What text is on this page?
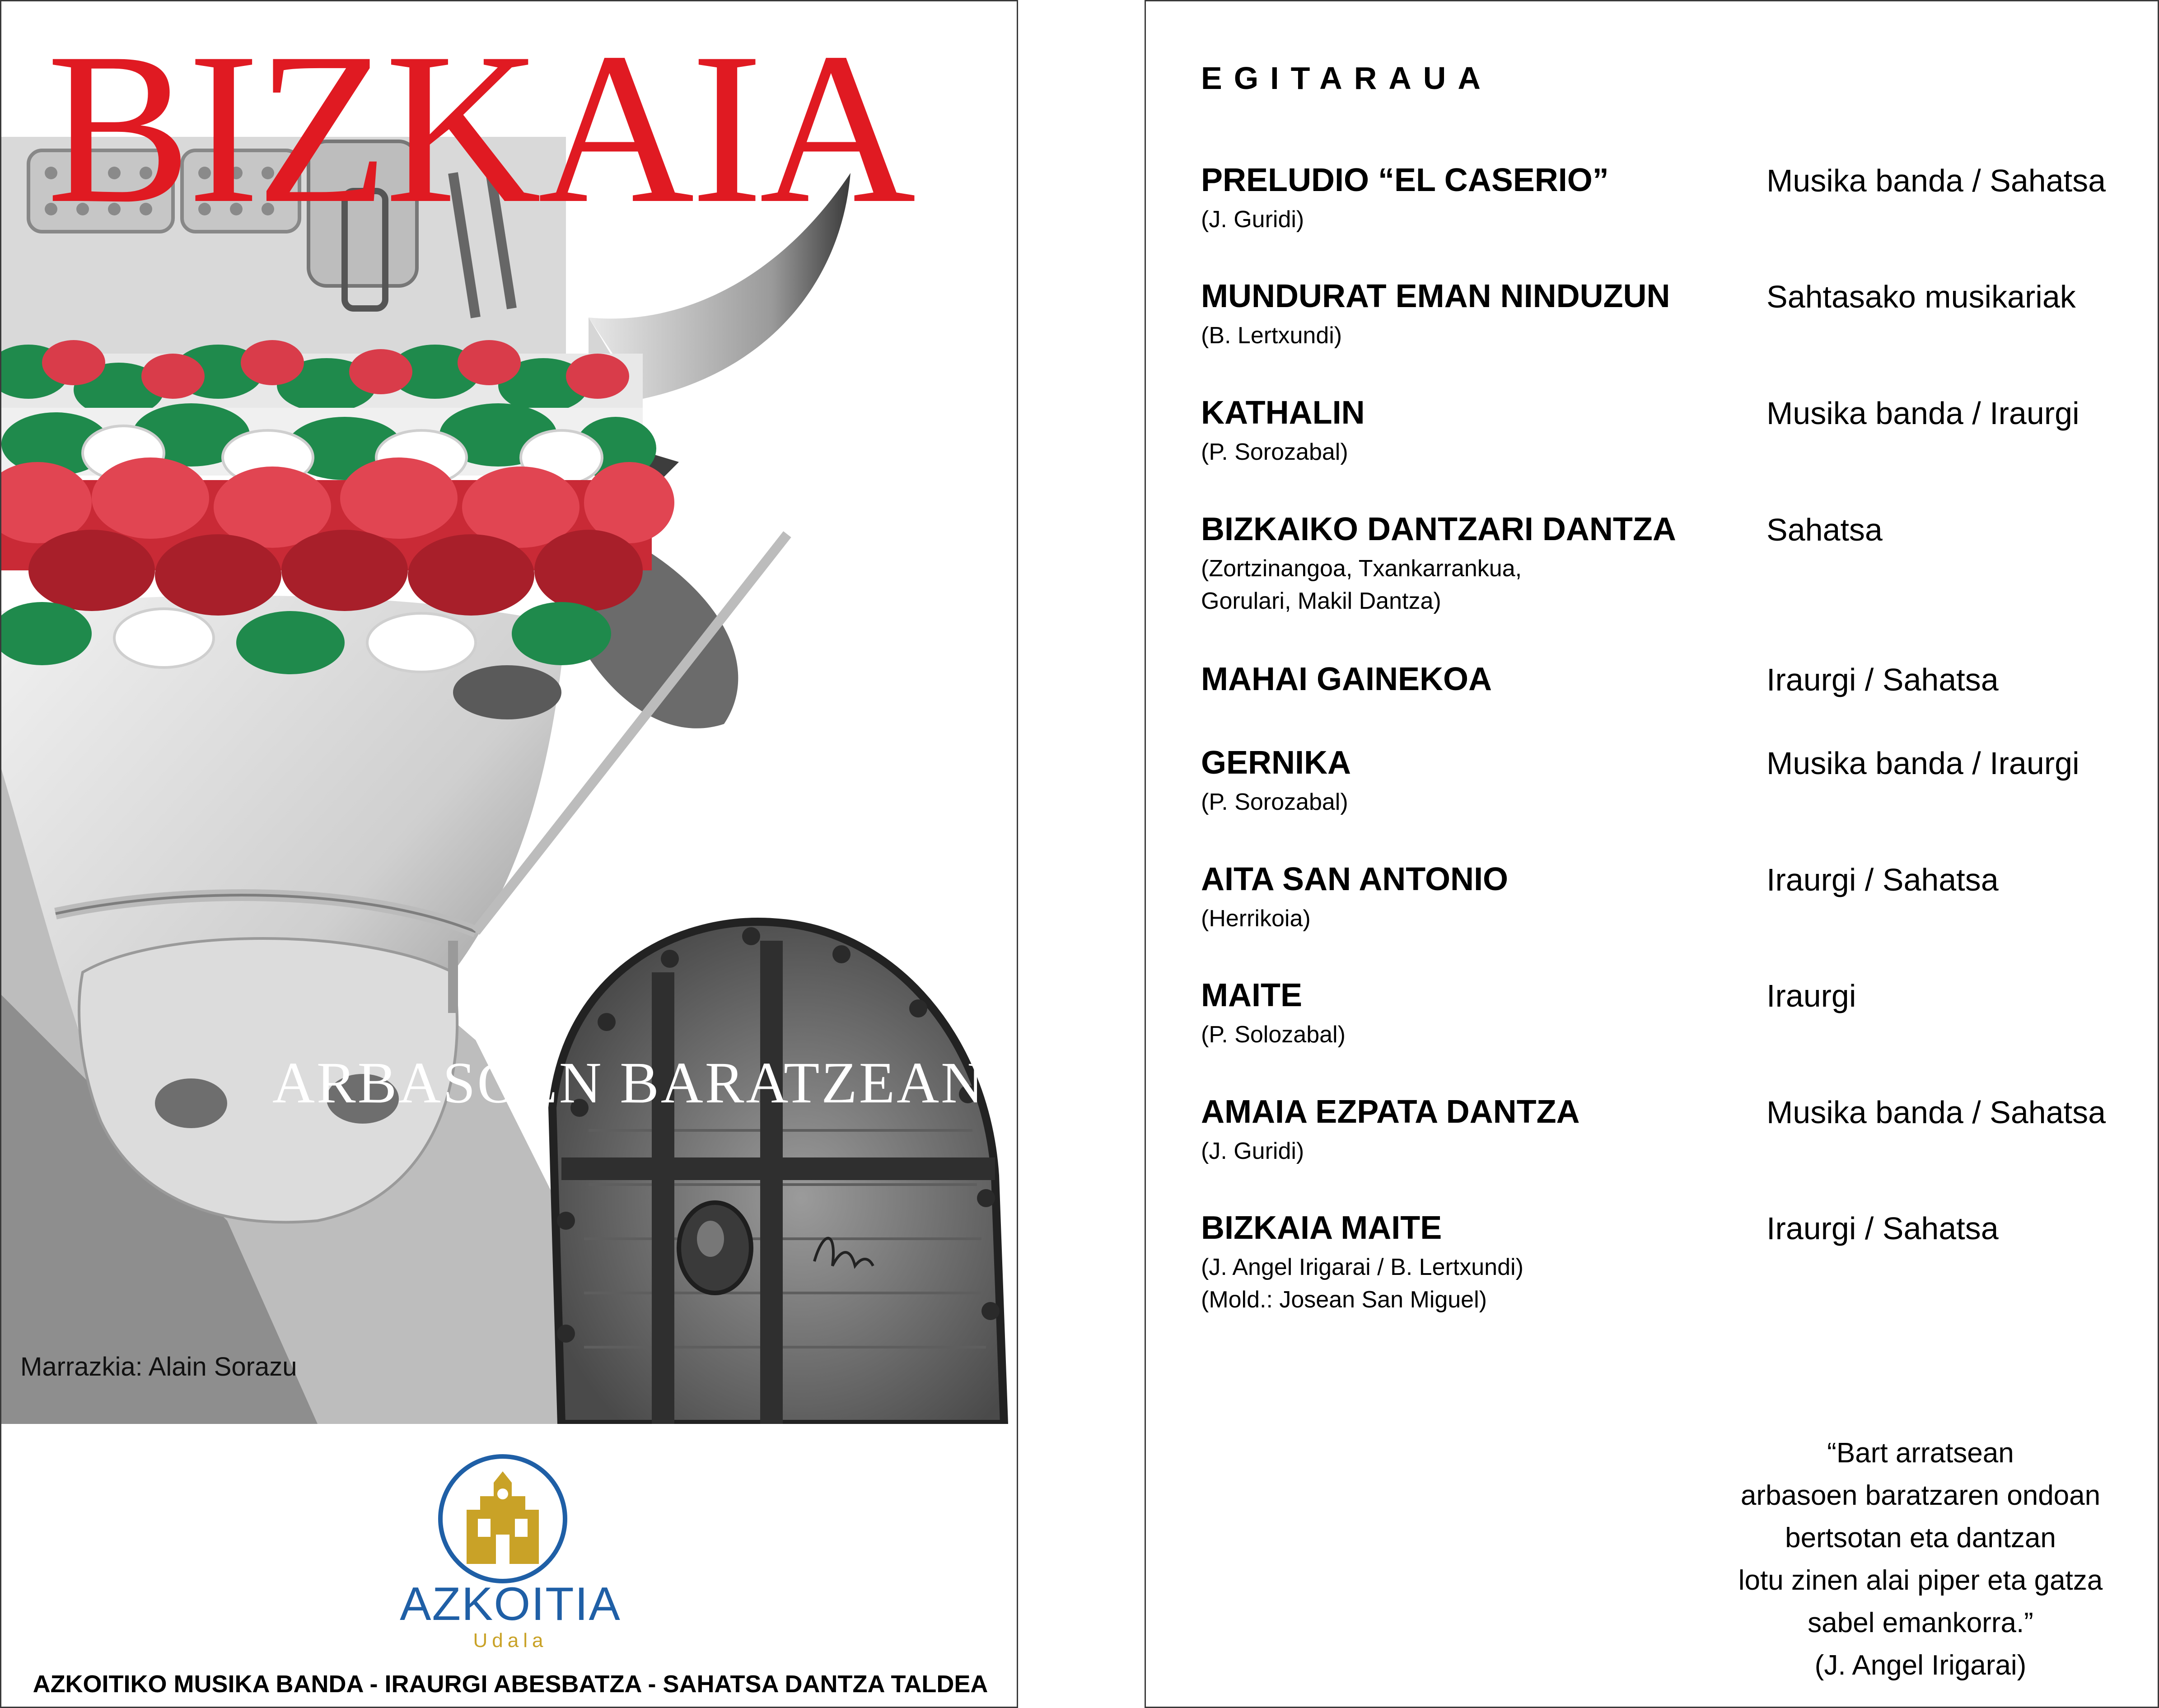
BIZKAIA
ARBASOEN BARATZEAN
Marrazkia: Alain Sorazu
AZKOITIA
Udala
AZKOITIKO MUSIKA BANDA - IRAURGI ABESBATZA - SAHATSA DANTZA TALDEA
EGITARAUA
PRELUDIO “EL CASERIO”	Musika banda / Sahatsa
(J. Guridi)
MUNDURAT EMAN NINDUZUN	Sahtasako musikariak
(B. Lertxundi)
KATHALIN	Musika banda / Iraurgi
(P. Sorozabal)
BIZKAIKO DANTZARI DANTZA	Sahatsa
(Zortzinangoa, Txankarrankua,
Gorulari, Makil Dantza)
MAHAI GAINEKOA	Iraurgi / Sahatsa
GERNIKA	Musika banda / Iraurgi
(P. Sorozabal)
AITA SAN ANTONIO	Iraurgi / Sahatsa
(Herrikoia)
MAITE	Iraurgi
(P. Solozabal)
AMAIA EZPATA DANTZA	Musika banda / Sahatsa
(J. Guridi)
BIZKAIA MAITE	Iraurgi / Sahatsa
(J. Angel Irigarai / B. Lertxundi)
(Mold.: Josean San Miguel)
“Bart arratsean
arbasoen baratzaren ondoan
bertsotan eta dantzan
lotu zinen alai piper eta gatza
sabel emankorra.”
(J. Angel Irigarai)
